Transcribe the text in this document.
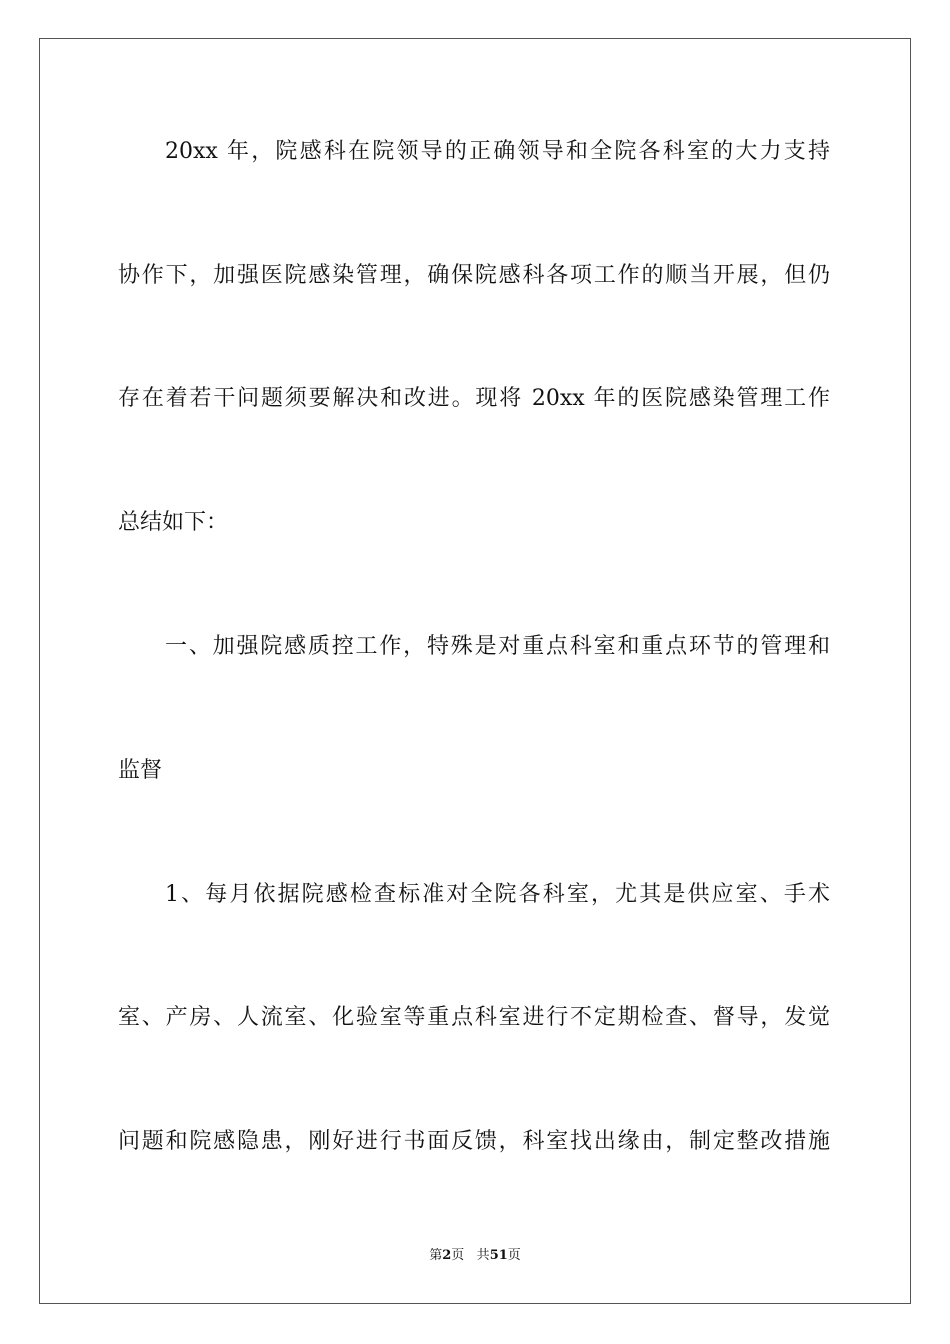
20xx 年，院感科在院领导的正确领导和全院各科室的大力支持
协作下，加强医院感染管理，确保院感科各项工作的顺当开展，但仍
存在着若干问题须要解决和改进。现将 20xx 年的医院感染管理工作
总结如下：
一、加强院感质控工作，特殊是对重点科室和重点环节的管理和
监督
1、每月依据院感检查标准对全院各科室，尤其是供应室、手术
室、产房、人流室、化验室等重点科室进行不定期检查、督导，发觉
问题和院感隐患，刚好进行书面反馈，科室找出缘由，制定整改措施
第2页 共51页
